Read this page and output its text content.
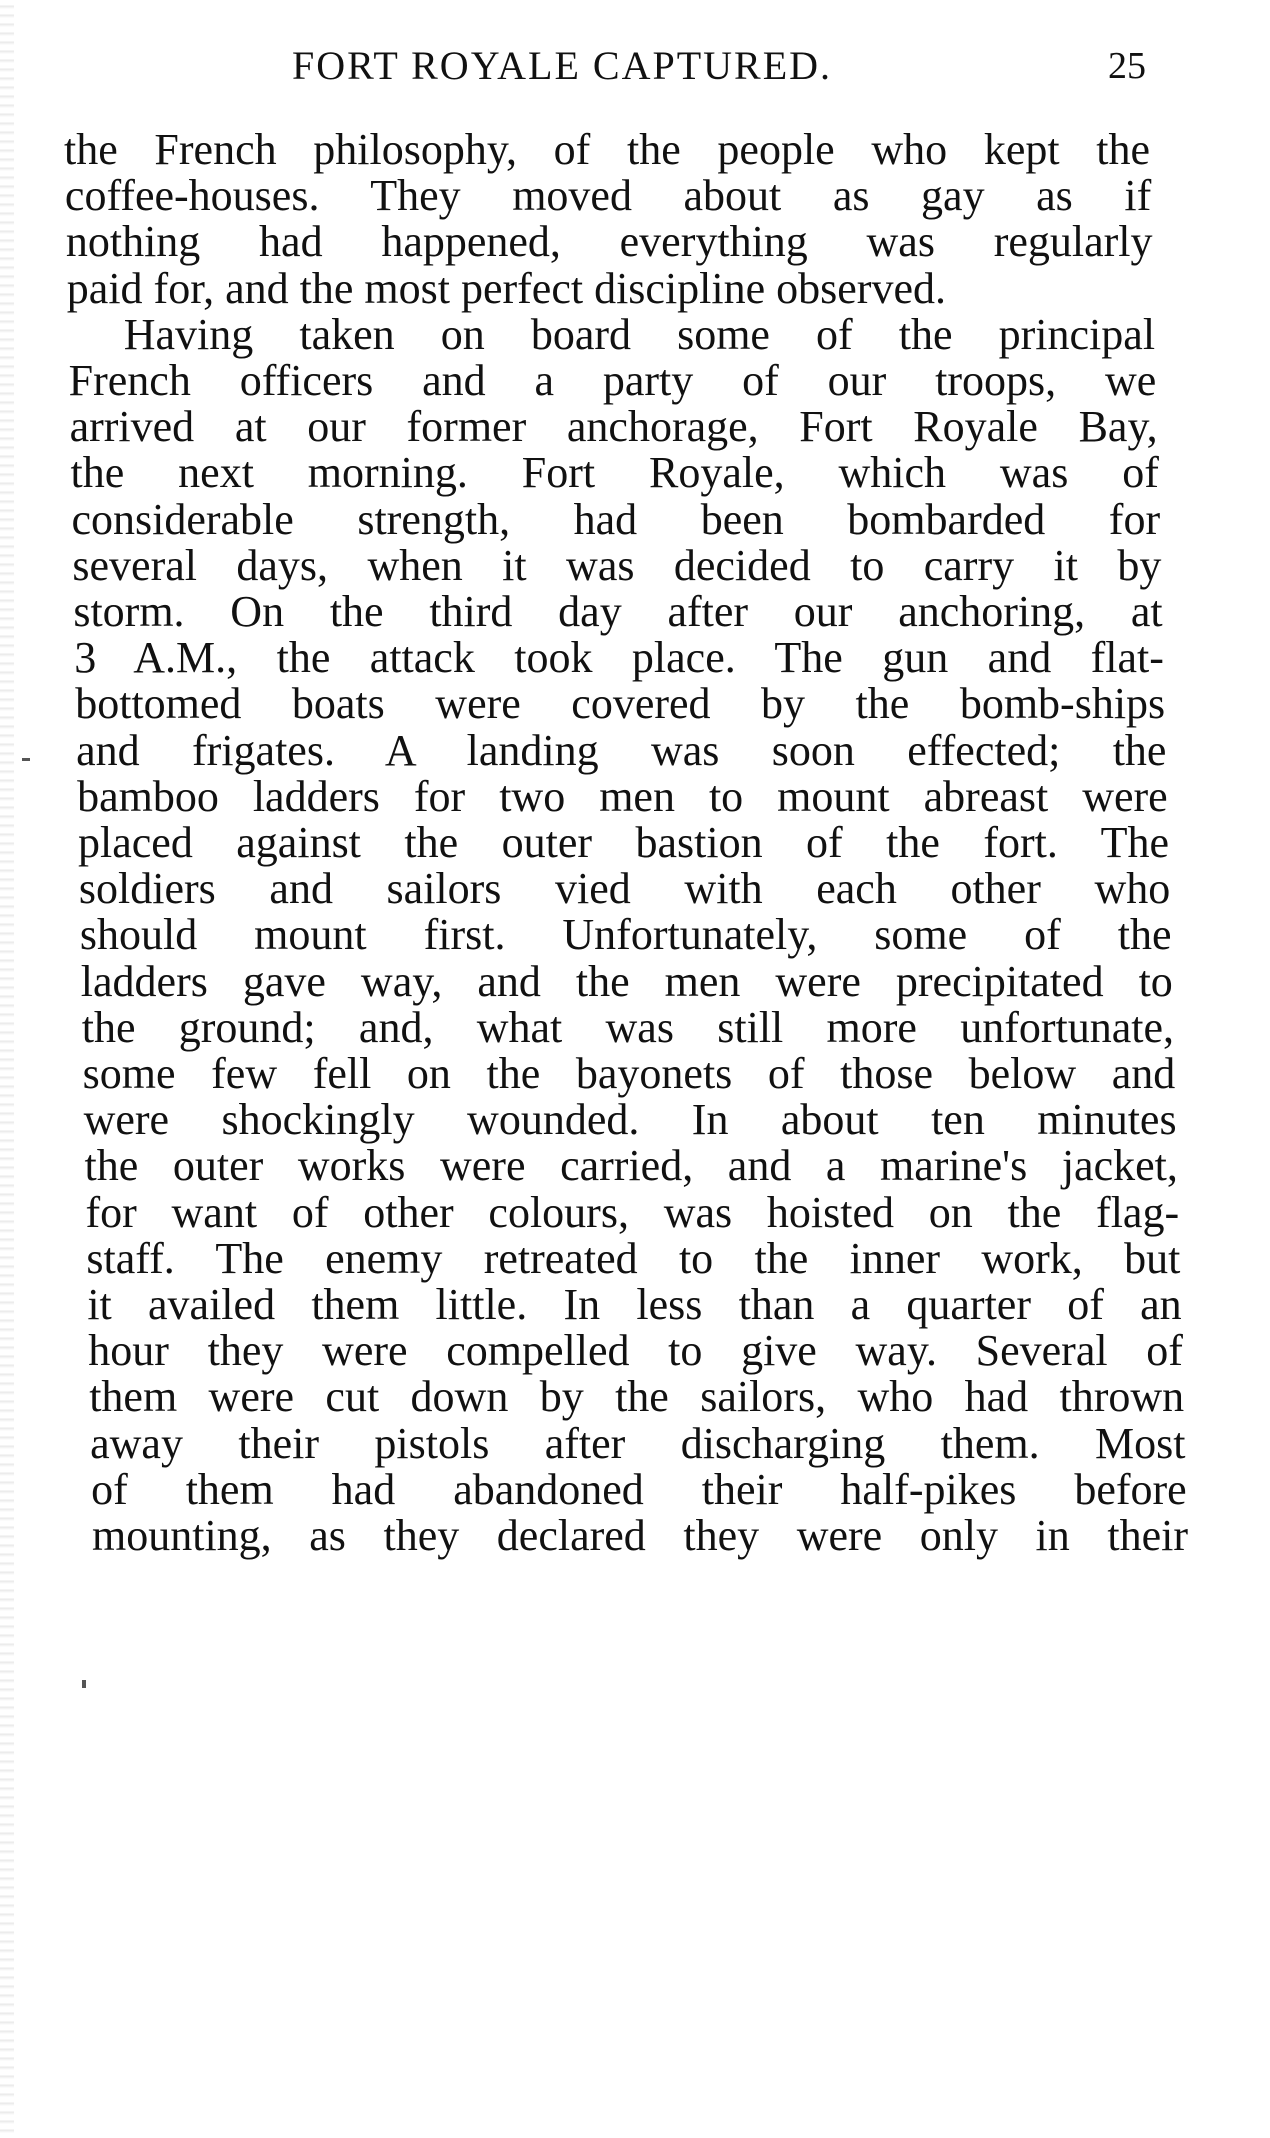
FORT ROYALE CAPTURED.	25
the French philosophy, of the people who kept the
coffee-houses. They moved about as gay as if
nothing had happened, everything was regularly
paid for, and the most perfect discipline observed.
Having taken on board some of the principal
French officers and a party of our troops, we
arrived at our former anchorage, Fort Royale Bay,
the next morning. Fort Royale, which was of
considerable strength, had been bombarded for
several days, when it was decided to carry it by
storm. On the third day after our anchoring, at
3 A.M., the attack took place. The gun and flat-
bottomed boats were covered by the bomb-ships
and frigates. A landing was soon effected; the
bamboo ladders for two men to mount abreast were
placed against the outer bastion of the fort. The
soldiers and sailors vied with each other who
should mount first. Unfortunately, some of the
ladders gave way, and the men were precipitated to
the ground; and, what was still more unfortunate,
some few fell on the bayonets of those below and
were shockingly wounded. In about ten minutes
the outer works were carried, and a marine's jacket,
for want of other colours, was hoisted on the flag-
staff. The enemy retreated to the inner work, but
it availed them little. In less than a quarter of an
hour they were compelled to give way. Several of
them were cut down by the sailors, who had thrown
away their pistols after discharging them. Most
of them had abandoned their half-pikes before
mounting, as they declared they were only in their
